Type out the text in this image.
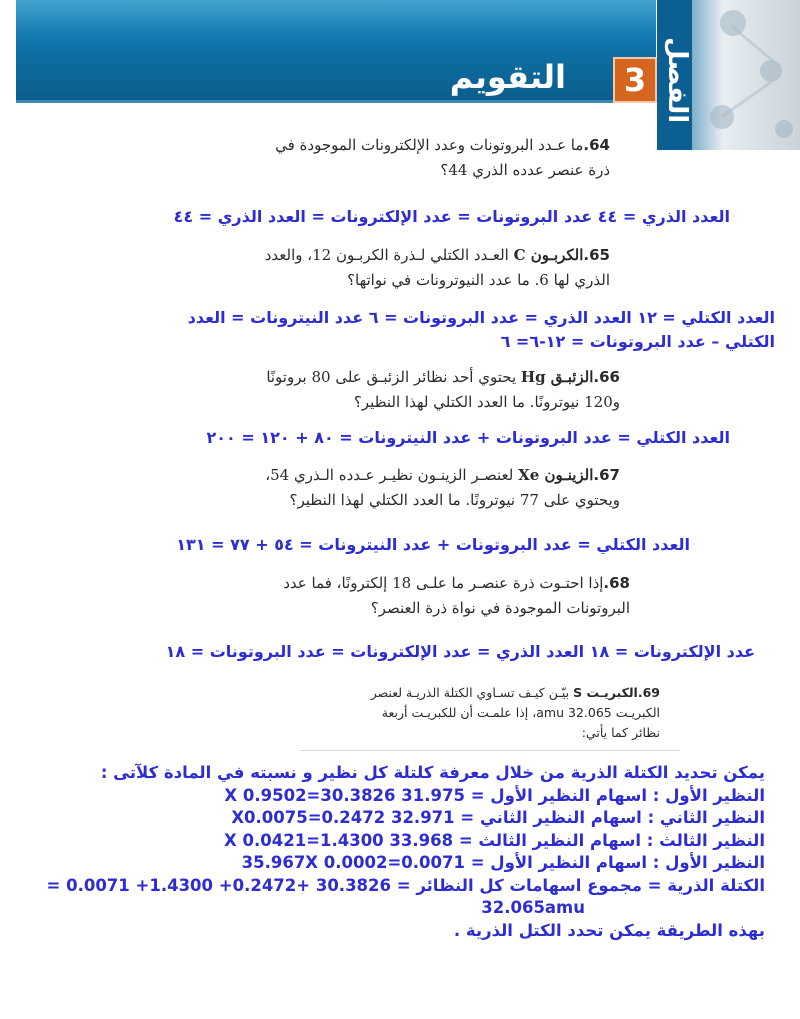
التقويم	3 الفصل

64.ما عـدد البروتونات وعدد الإلكترونات الموجودة في
ذرة عنصر عدده الذري 44؟

العدد الذري = ٤٤ عدد البروتونات = عدد الإلكترونات = العدد الذري = ٤٤

65.الكربـون C العـدد الكتلي لـذرة الكربـون 12، والعدد
الذري لها 6. ما عدد النيوترونات في نواتها؟

العدد الكتلي = ١٢ العدد الذري = عدد البروتونات = ٦ عدد النيترونات = العدد
الكتلي – عدد البروتونات = ١٢-٦= ٦

66.الزئبـق Hg يحتوي أحد نظائر الزئبـق على 80 بروتونًا
و120 نيوترونًا. ما العدد الكتلي لهذا النظير؟

العدد الكتلي = عدد البروتونات + عدد النيترونات = ٨٠ + ١٢٠ = ٢٠٠

67.الزينـون Xe لعنصـر الزينـون نظيـر عـدده الـذري 54،
ويحتوي على 77 نيوترونًا. ما العدد الكتلي لهذا النظير؟

العدد الكتلي = عدد البروتونات + عدد النيترونات = ٥٤ + ٧٧ = ١٣١

68.إذا احتـوت ذرة عنصـر ما علـى 18 إلكترونًا، فما عدد
البروتونات الموجودة في نواة ذرة العنصر؟

عدد الإلكترونات = ١٨ العدد الذري = عدد الإلكترونات = عدد البروتونات = ١٨

69.الكبريـت S بيّـن كيـف تسـاوي الكتلة الذريـة لعنصر
الكبريـت 32.065 amu، إذا علمـت أن للكبريـت أربعة
نظائر كما يأتي:

يمكن تحديد الكتلة الذرية من خلال معرفة كلتلة كل نظير و نسبته في المادة كلآتى :
النظير الأول : اسهام النظير الأول = 31.975 X 0.9502=30.3826
النظير الثاني : اسهام النظير الثاني = 32.971 X0.0075=0.2472
النظير الثالث : اسهام النظير الثالث = 33.968 X 0.0421=1.4300
النظير الأول : اسهام النظير الأول = 35.967X 0.0002=0.0071
الكتلة الذرية = مجموع اسهامات كل النظائر = 30.3826 +0.2472+ 1.4300+ 0.0071 =
32.065amu
بهذه الطريقة يمكن تحدد الكتل الذرية .
